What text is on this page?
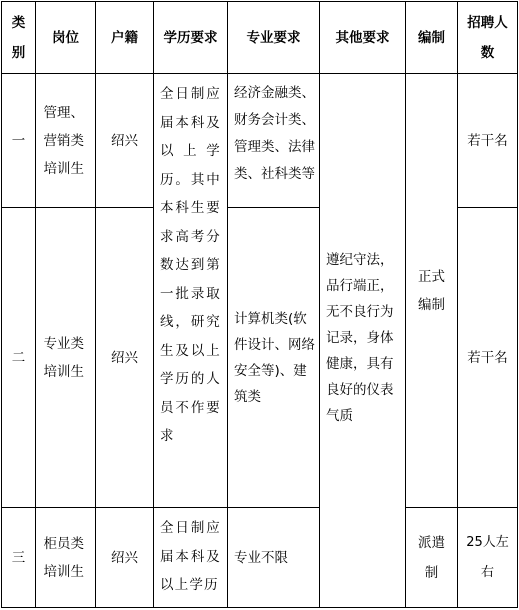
类别	岗位	户籍	学历要求	专业要求	其他要求	编制	招聘人数

一	管理、营销类培训生	绍兴	全日制应届本科及以上学历。其中本科生要求高考分数达到第一批录取线，研究生及以上学历的人员不作要求	经济金融类、财务会计类、管理类、法律类、社科类等	遵纪守法，品行端正，无不良行为记录，身体健康，具有良好的仪表气质	正式编制	若干名
二	专业类培训生	绍兴		计算机类(软件设计、网络安全等)、建筑类			若干名
三	柜员类培训生	绍兴	全日制应届本科及以上学历	专业不限		派遣制	25人左右
